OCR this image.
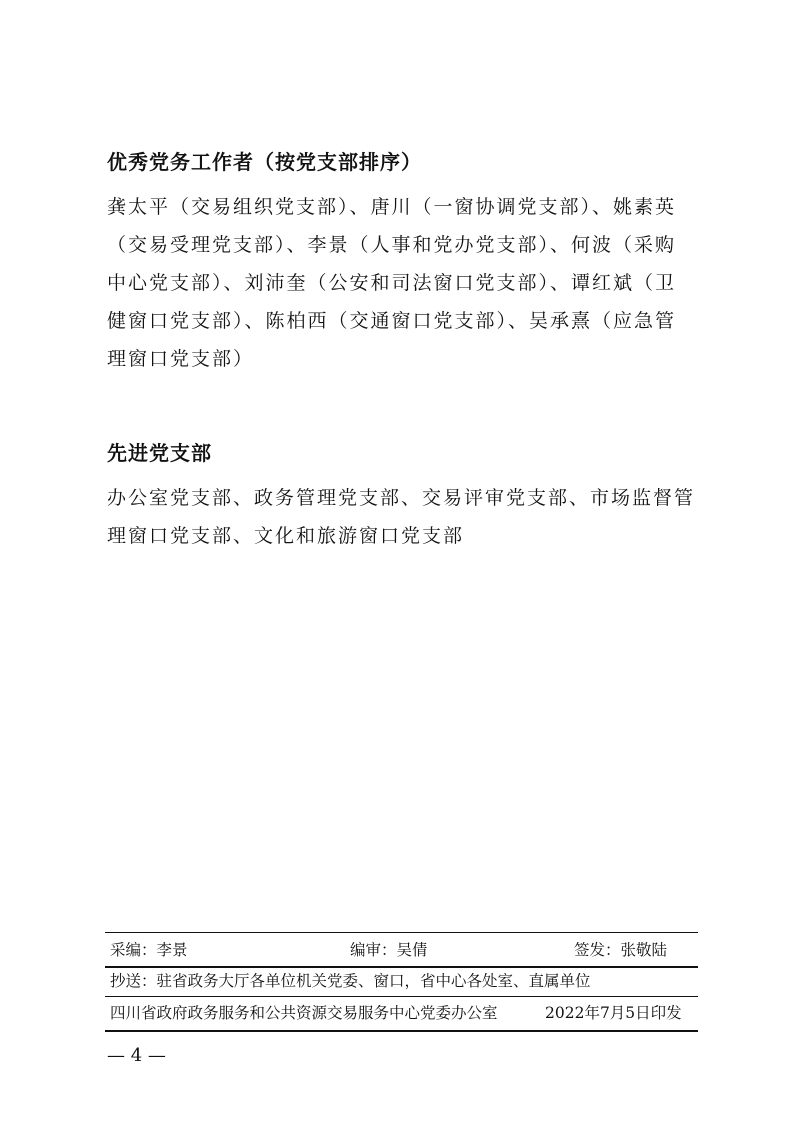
优秀党务工作者（按党支部排序）
龚太平（交易组织党支部）、唐川（一窗协调党支部）、姚素英
（交易受理党支部）、李景（人事和党办党支部）、何波（采购
中心党支部）、刘沛奎（公安和司法窗口党支部）、谭红斌（卫
健窗口党支部）、陈柏西（交通窗口党支部）、吴承熹（应急管
理窗口党支部）
先进党支部
办公室党支部、政务管理党支部、交易评审党支部、市场监督管
理窗口党支部、文化和旅游窗口党支部
采编：李景	编审：吴倩	签发：张敬陆
抄送：驻省政务大厅各单位机关党委、窗口，省中心各处室、直属单位
四川省政府政务服务和公共资源交易服务中心党委办公室	2022年7月5日印发
— 4 —
